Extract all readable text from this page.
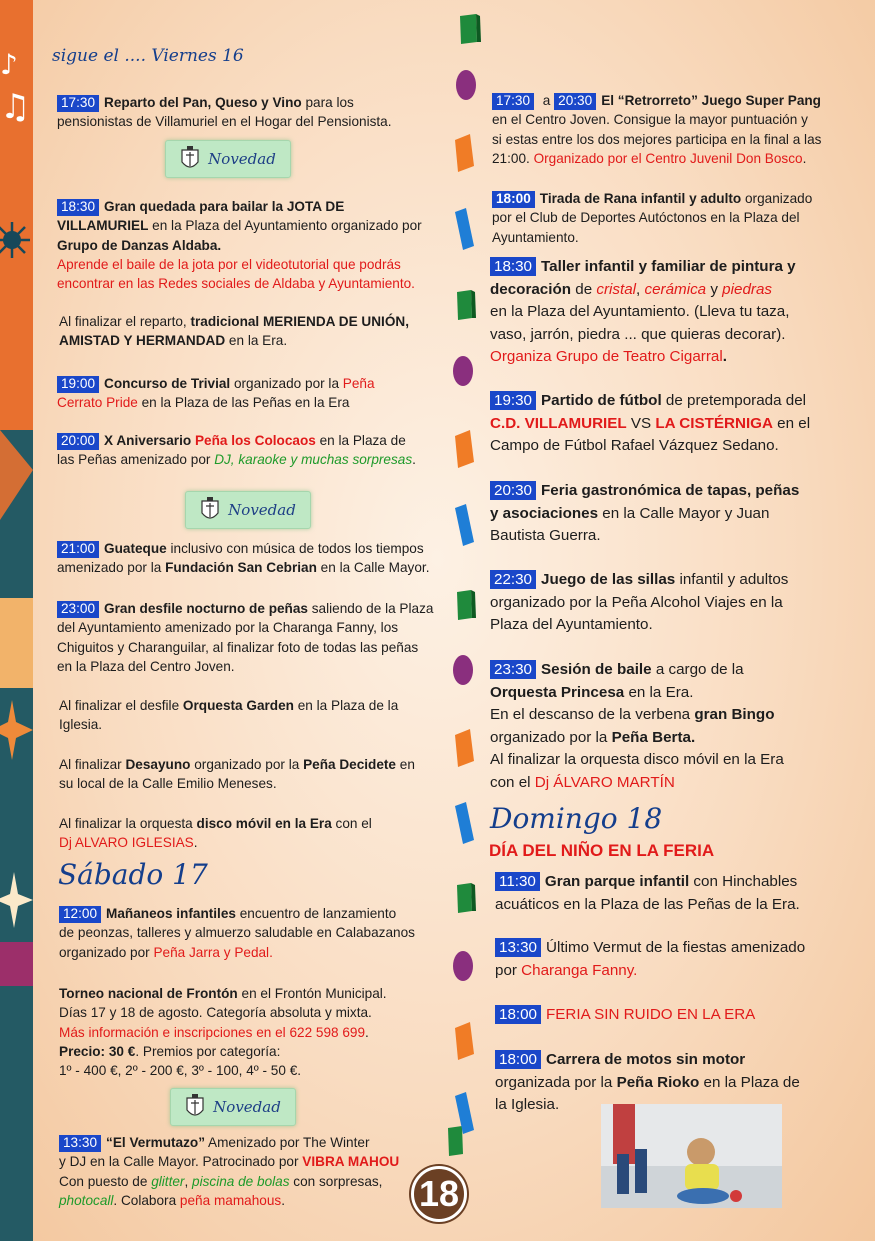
♪
♫
sigue el .... Viernes 16
Sábado 17
Domingo 18
DÍA DEL NIÑO EN LA FERIA
Novedad
Novedad
Novedad
17:30 Reparto del Pan, Queso y Vino para los
pensionistas de Villamuriel en el Hogar del Pensionista.
18:30 Gran quedada para bailar la JOTA DE
VILLAMURIEL en la Plaza del Ayuntamiento organizado por
Grupo de Danzas Aldaba.
Aprende el baile de la jota por el videotutorial que podrás
encontrar en las Redes sociales de Aldaba y Ayuntamiento.
Al finalizar el reparto, tradicional MERIENDA DE UNIÓN,
AMISTAD Y HERMANDAD en la Era.
19:00 Concurso de Trivial organizado por la Peña
Cerrato Pride en la Plaza de las Peñas en la Era
20:00 X Aniversario Peña los Colocaos en la Plaza de
las Peñas amenizado por DJ, karaoke y muchas sorpresas.
21:00 Guateque inclusivo con música de todos los tiempos
amenizado por la Fundación San Cebrian en la Calle Mayor.
23:00 Gran desfile nocturno de peñas saliendo de la Plaza
del Ayuntamiento amenizado por la Charanga Fanny, los
Chiguitos y Charanguilar, al finalizar foto de todas las peñas
en la Plaza del Centro Joven.
Al finalizar el desfile Orquesta Garden en la Plaza de la
Iglesia.
Al finalizar Desayuno organizado por la Peña Decidete en
su local de la Calle Emilio Meneses.
Al finalizar la orquesta disco móvil en la Era con el
Dj ALVARO IGLESIAS.
12:00 Mañaneos infantiles encuentro de lanzamiento
de peonzas, talleres y almuerzo saludable en Calabazanos
organizado por Peña Jarra y Pedal.
Torneo nacional de Frontón en el Frontón Municipal.
Días 17 y 18 de agosto. Categoría absoluta y mixta.
Más información e inscripciones en el 622 598 699.
Precio: 30 €. Premios por categoría:
1º - 400 €, 2º - 200 €, 3º - 100, 4º - 50 €.
13:30 “El Vermutazo” Amenizado por The Winter
y DJ en la Calle Mayor. Patrocinado por VIBRA MAHOU
Con puesto de glitter, piscina de bolas con sorpresas,
photocall. Colabora peña mamahous.
17:30 a 20:30 El “Retrorreto” Juego Super Pang
en el Centro Joven. Consigue la mayor puntuación y
si estas entre los dos mejores participa en la final a las
21:00. Organizado por el Centro Juvenil Don Bosco.
18:00 Tirada de Rana infantil y adulto organizado
por el Club de Deportes Autóctonos en la Plaza del
Ayuntamiento.
18:30 Taller infantil y familiar de pintura y
decoración de cristal, cerámica y piedras
en la Plaza del Ayuntamiento. (Lleva tu taza,
vaso, jarrón, piedra ... que quieras decorar).
Organiza Grupo de Teatro Cigarral.
19:30 Partido de fútbol de pretemporada del
C.D. VILLAMURIEL VS LA CISTÉRNIGA en el
Campo de Fútbol Rafael Vázquez Sedano.
20:30 Feria gastronómica de tapas, peñas
y asociaciones en la Calle Mayor y Juan
Bautista Guerra.
22:30 Juego de las sillas infantil y adultos
organizado por la Peña Alcohol Viajes en la
Plaza del Ayuntamiento.
23:30 Sesión de baile a cargo de la
Orquesta Princesa en la Era.
En el descanso de la verbena gran Bingo
organizado por la Peña Berta.
Al finalizar la orquesta disco móvil en la Era
con el Dj ÁLVARO MARTÍN
11:30 Gran parque infantil con Hinchables
acuáticos en la Plaza de las Peñas de la Era.
13:30 Último Vermut de la fiestas amenizado
por Charanga Fanny.
18:00 FERIA SIN RUIDO EN LA ERA
18:00 Carrera de motos sin motor
organizada por la Peña Rioko en la Plaza de
la Iglesia.
18
